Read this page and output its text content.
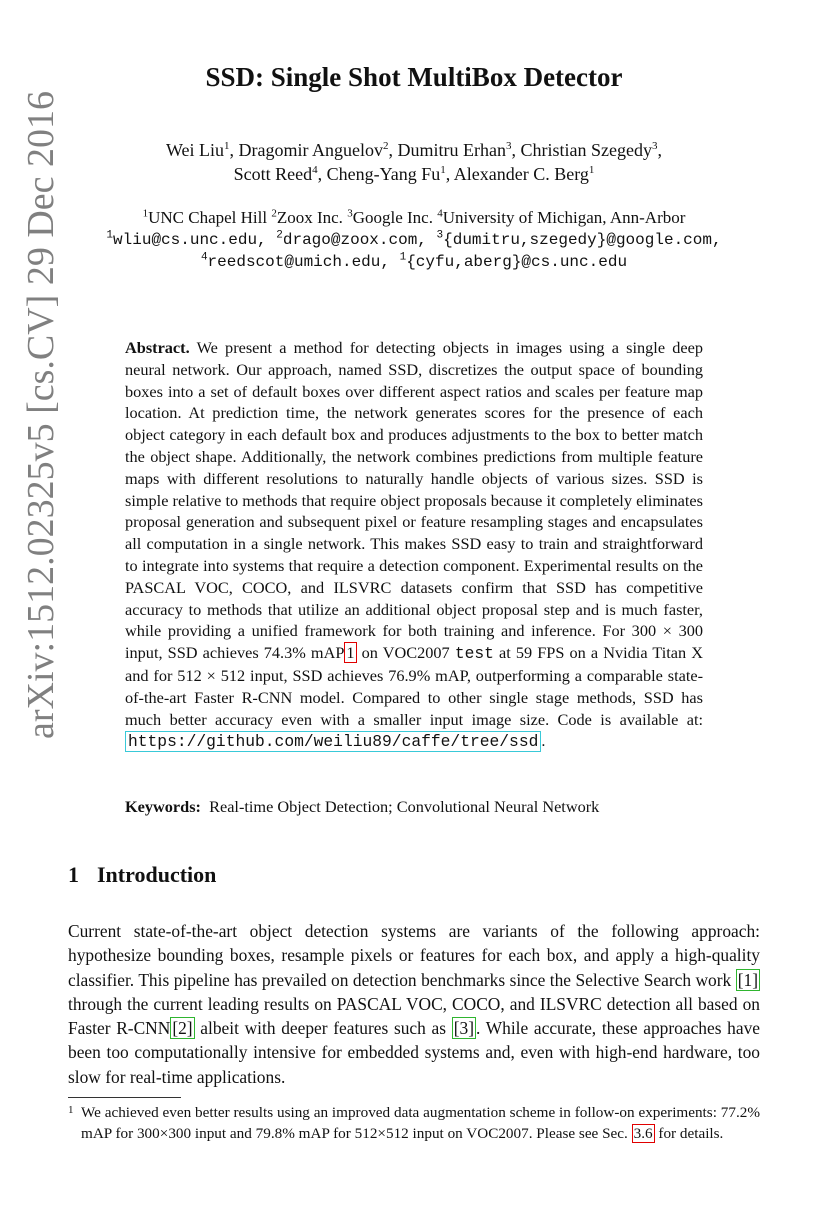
arXiv:1512.02325v5 [cs.CV] 29 Dec 2016
SSD: Single Shot MultiBox Detector
Wei Liu$^1$, Dragomir Anguelov$^2$, Dumitru Erhan$^3$, Christian Szegedy$^3$,
Scott Reed$^4$, Cheng-Yang Fu$^1$, Alexander C. Berg$^1$
$^1$UNC Chapel Hill $^2$Zoox Inc. $^3$Google Inc. $^4$University of Michigan, Ann-Arbor
$^1$wliu@cs.unc.edu, $^2$drago@zoox.com, $^3${dumitru,szegedy}@google.com,
$^4$reedscot@umich.edu, $^1${cyfu,aberg}@cs.unc.edu

Abstract. We present a method for detecting objects in images using a single deep neural network. Our approach, named SSD, discretizes the output space of bounding boxes into a set of default boxes over different aspect ratios and scales per feature map location. At prediction time, the network generates scores for the presence of each object category in each default box and produces adjustments to the box to better match the object shape. Additionally, the network combines predictions from multiple feature maps with different resolutions to naturally handle objects of various sizes. SSD is simple relative to methods that require object proposals because it completely eliminates proposal generation and subsequent pixel or feature resampling stages and encapsulates all computation in a single network. This makes SSD easy to train and straightforward to integrate into systems that require a detection component. Experimental results on the PASCAL VOC, COCO, and ILSVRC datasets confirm that SSD has competitive accuracy to methods that utilize an additional object proposal step and is much faster, while providing a unified framework for both training and inference. For 300 × 300 input, SSD achieves 74.3% mAP 1 on VOC2007 test at 59 FPS on a Nvidia Titan X and for 512 × 512 input, SSD achieves 76.9% mAP, outperforming a comparable state-of-the-art Faster R-CNN model. Compared to other single stage methods, SSD has much better accuracy even with a smaller input image size. Code is available at: https://github.com/weiliu89/caffe/tree/ssd .

Keywords: Real-time Object Detection; Convolutional Neural Network

1 Introduction

Current state-of-the-art object detection systems are variants of the following approach: hypothesize bounding boxes, resample pixels or features for each box, and apply a high-quality classifier. This pipeline has prevailed on detection benchmarks since the Selective Search work [1] through the current leading results on PASCAL VOC, COCO, and ILSVRC detection all based on Faster R-CNN [2] albeit with deeper features such as [3] . While accurate, these approaches have been too computationally intensive for embedded systems and, even with high-end hardware, too slow for real-time applications.

1 We achieved even better results using an improved data augmentation scheme in follow-on experiments: 77.2% mAP for 300×300 input and 79.8% mAP for 512×512 input on VOC2007. Please see Sec. 3.6 for details.
